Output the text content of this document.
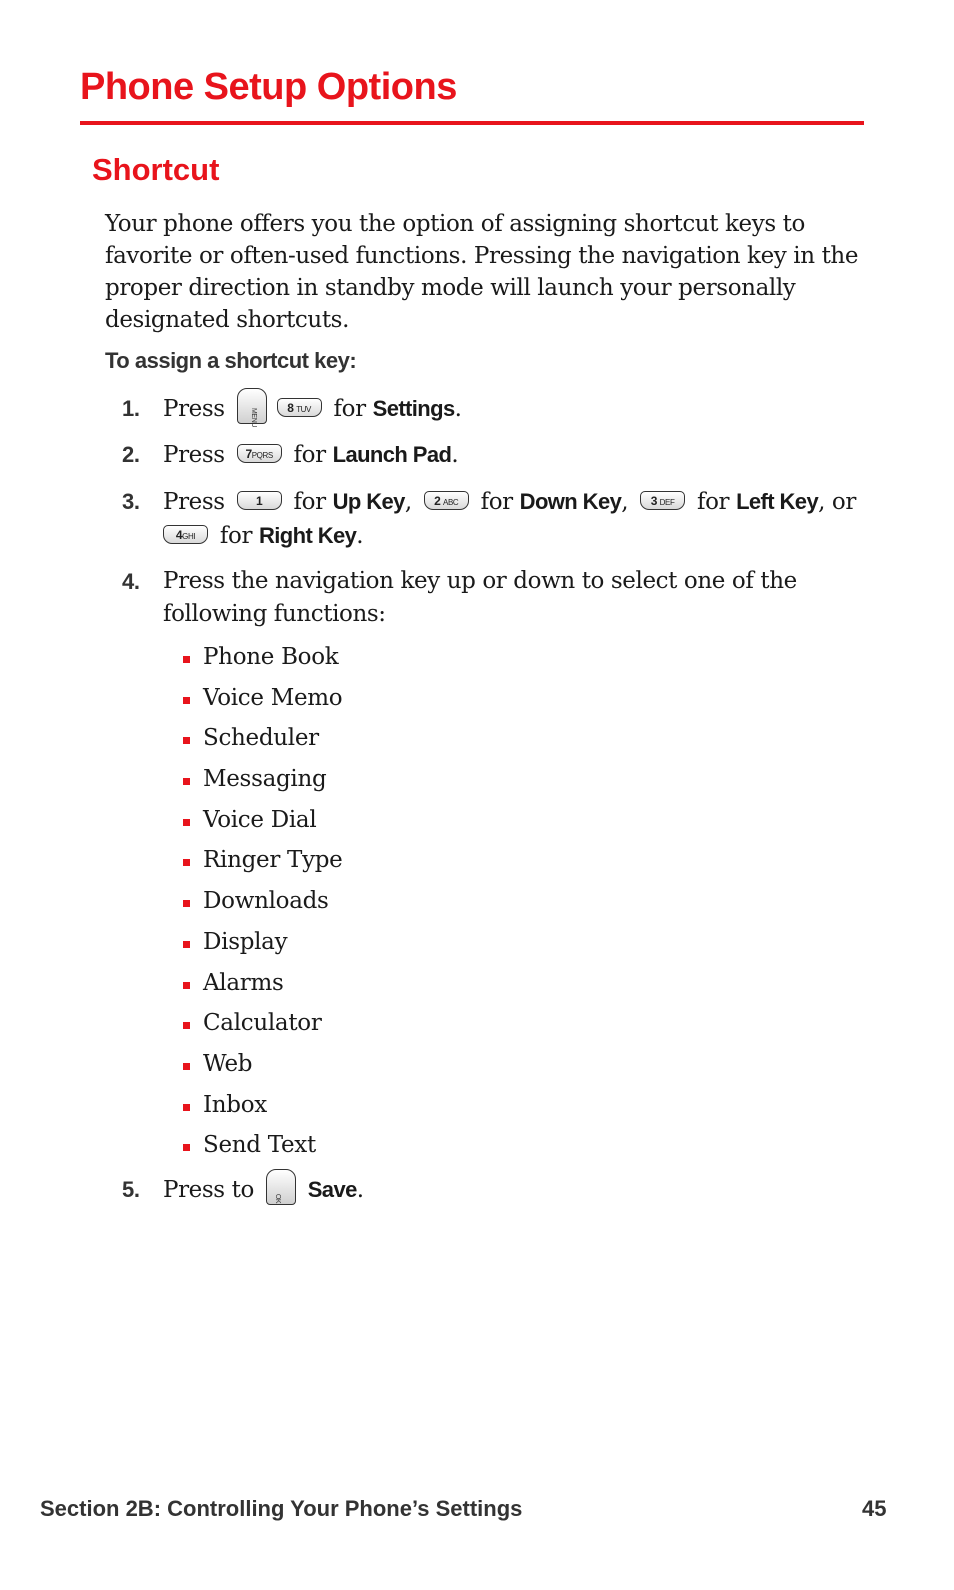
Phone Setup Options
Shortcut

Your phone offers you the option of assigning shortcut keys to favorite or often-used functions. Pressing the navigation key in the proper direction in standby mode will launch your personally designated shortcuts.

To assign a shortcut key:

1. Press	MENU
8 TUV for Settings.
2. Press 7PQRS for Launch Pad.
3. Press	1 for Up Key, 2 ABC for Down Key, 3 DEF for Left Key, or
4GHI for Right Key.
4. Press the navigation key up or down to select one of the following functions:
Phone Book
Voice Memo
Scheduler
Messaging
Voice Dial
Ringer Type
Downloads
Display
Alarms
Calculator
Web
Inbox
Send Text
5. Press to	OK	Save.
Section 2B: Controlling Your Phone’s Settings	45
